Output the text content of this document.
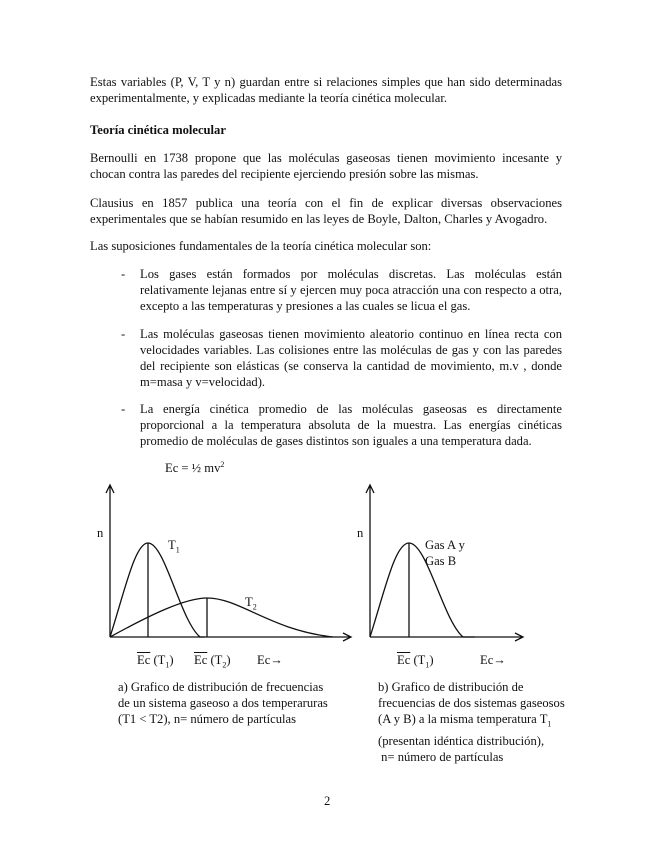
Estas variables (P, V, T y n) guardan entre si relaciones simples que han sido determinadas
experimentalmente, y explicadas mediante la teoría cinética molecular.
Teoría cinética molecular
Bernoulli en 1738 propone que las moléculas gaseosas tienen movimiento incesante y
chocan contra las paredes del recipiente ejerciendo presión sobre las mismas.
Clausius en 1857 publica una teoría con el fin de explicar diversas observaciones
experimentales que se habían resumido en las leyes de Boyle, Dalton, Charles y Avogadro.
Las suposiciones fundamentales de la teoría cinética molecular son:
- Los gases están formados por moléculas discretas. Las moléculas están
relativamente lejanas entre sí y ejercen muy poca atracción una con respecto a otra,
excepto a las temperaturas y presiones a las cuales se licua el gas.
- Las moléculas gaseosas tienen movimiento aleatorio continuo en línea recta con
velocidades variables. Las colisiones entre las moléculas de gas y con las paredes
del recipiente son elásticas (se conserva la cantidad de movimiento, m.v , donde
m=masa y v=velocidad).
- La energía cinética promedio de las moléculas gaseosas es directamente
proporcional a la temperatura absoluta de la muestra. Las energías cinéticas
promedio de moléculas de gases distintos son iguales a una temperatura dada.
Ec = ½ $mv^2$
n
$T_1$
$T_2$
$\overline{Ec}$ $(T_1)$ $\overline{Ec}$ $(T_2)$ Ec→
a) Grafico de distribución de frecuencias
de un sistema gaseoso a dos temperaruras
(T1 < T2), n= número de partículas
n
Gas A y
Gas B
$\overline{Ec}$ $(T_1)$	Ec→
b) Grafico de distribución de
frecuencias de dos sistemas gaseosos
(A y B) a la misma temperatura $T_1$
(presentan idéntica distribución),
n= número de partículas
2
